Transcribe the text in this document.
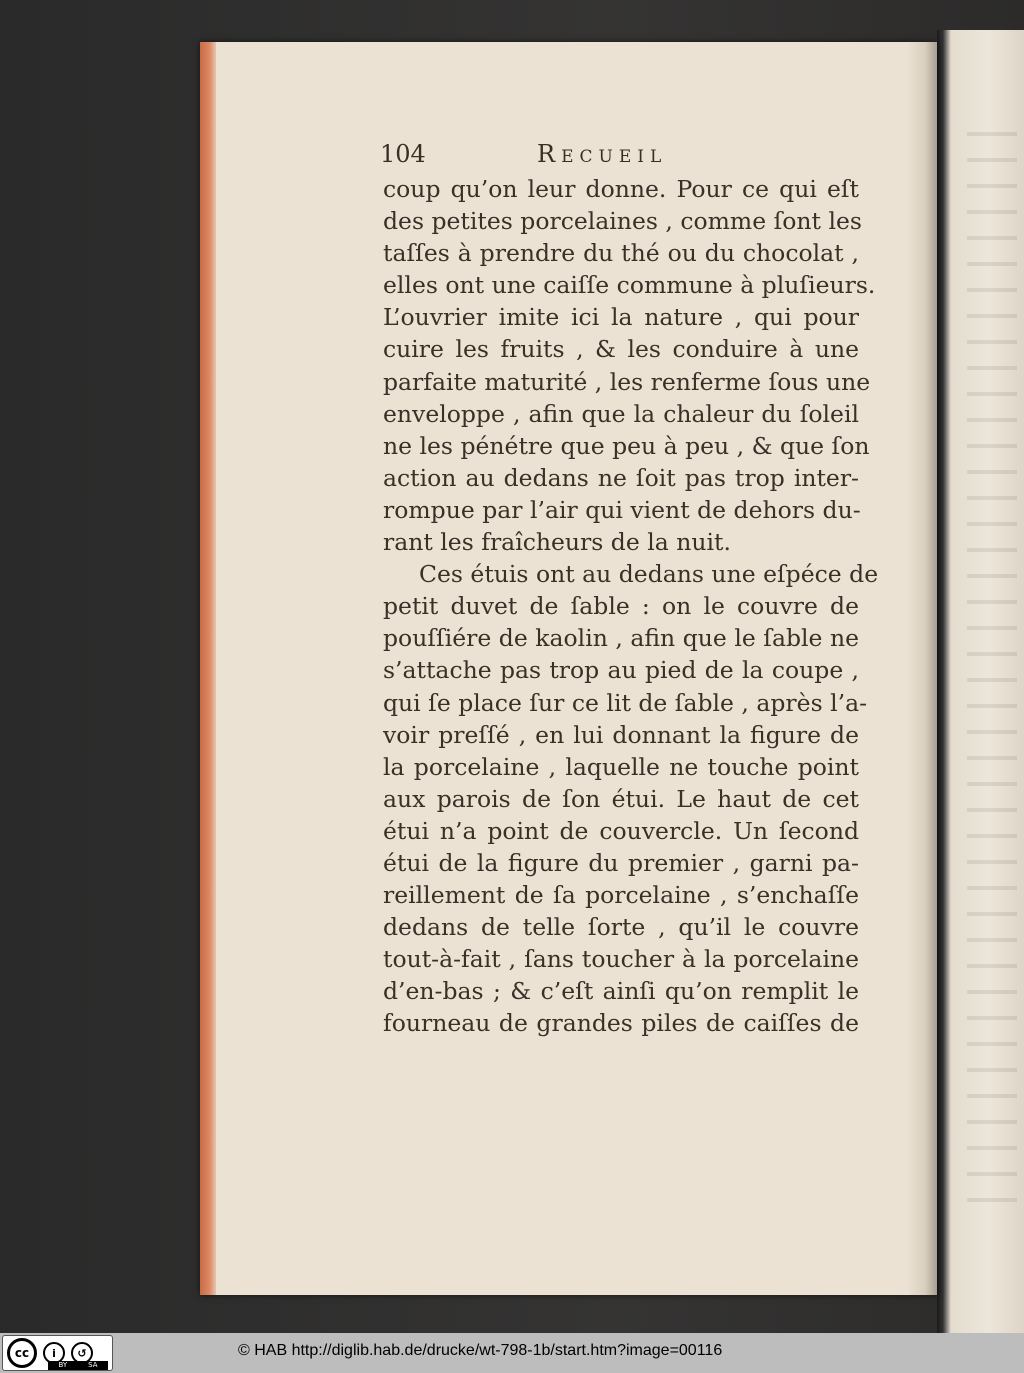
104	Recueil
coup qu’on leur donne. Pour ce qui eſt
des petites porcelaines , comme ſont les
taſſes à prendre du thé ou du chocolat ,
elles ont une caiſſe commune à pluſieurs.
L’ouvrier imite ici la nature , qui pour
cuire les fruits , & les conduire à une
parfaite maturité , les renferme ſous une
enveloppe , afin que la chaleur du ſoleil
ne les pénétre que peu à peu , & que ſon
action au dedans ne ſoit pas trop inter-
rompue par l’air qui vient de dehors du-
rant les fraîcheurs de la nuit.
Ces étuis ont au dedans une eſpéce de
petit duvet de ſable : on le couvre de
pouſſiére de kaolin , afin que le ſable ne
s’attache pas trop au pied de la coupe ,
qui ſe place ſur ce lit de ſable , après l’a-
voir preſſé , en lui donnant la figure de
la porcelaine , laquelle ne touche point
aux parois de ſon étui. Le haut de cet
étui n’a point de couvercle. Un ſecond
étui de la figure du premier , garni pa-
reillement de ſa porcelaine , s’enchaſſe
dedans de telle ſorte , qu’il le couvre
tout-à-fait , ſans toucher à la porcelaine
d’en-bas ; & c’eſt ainſi qu’on remplit le
fourneau de grandes piles de caiſſes de
cc	i	↺
BY	SA
© HAB http://diglib.hab.de/drucke/wt-798-1b/start.htm?image=00116
